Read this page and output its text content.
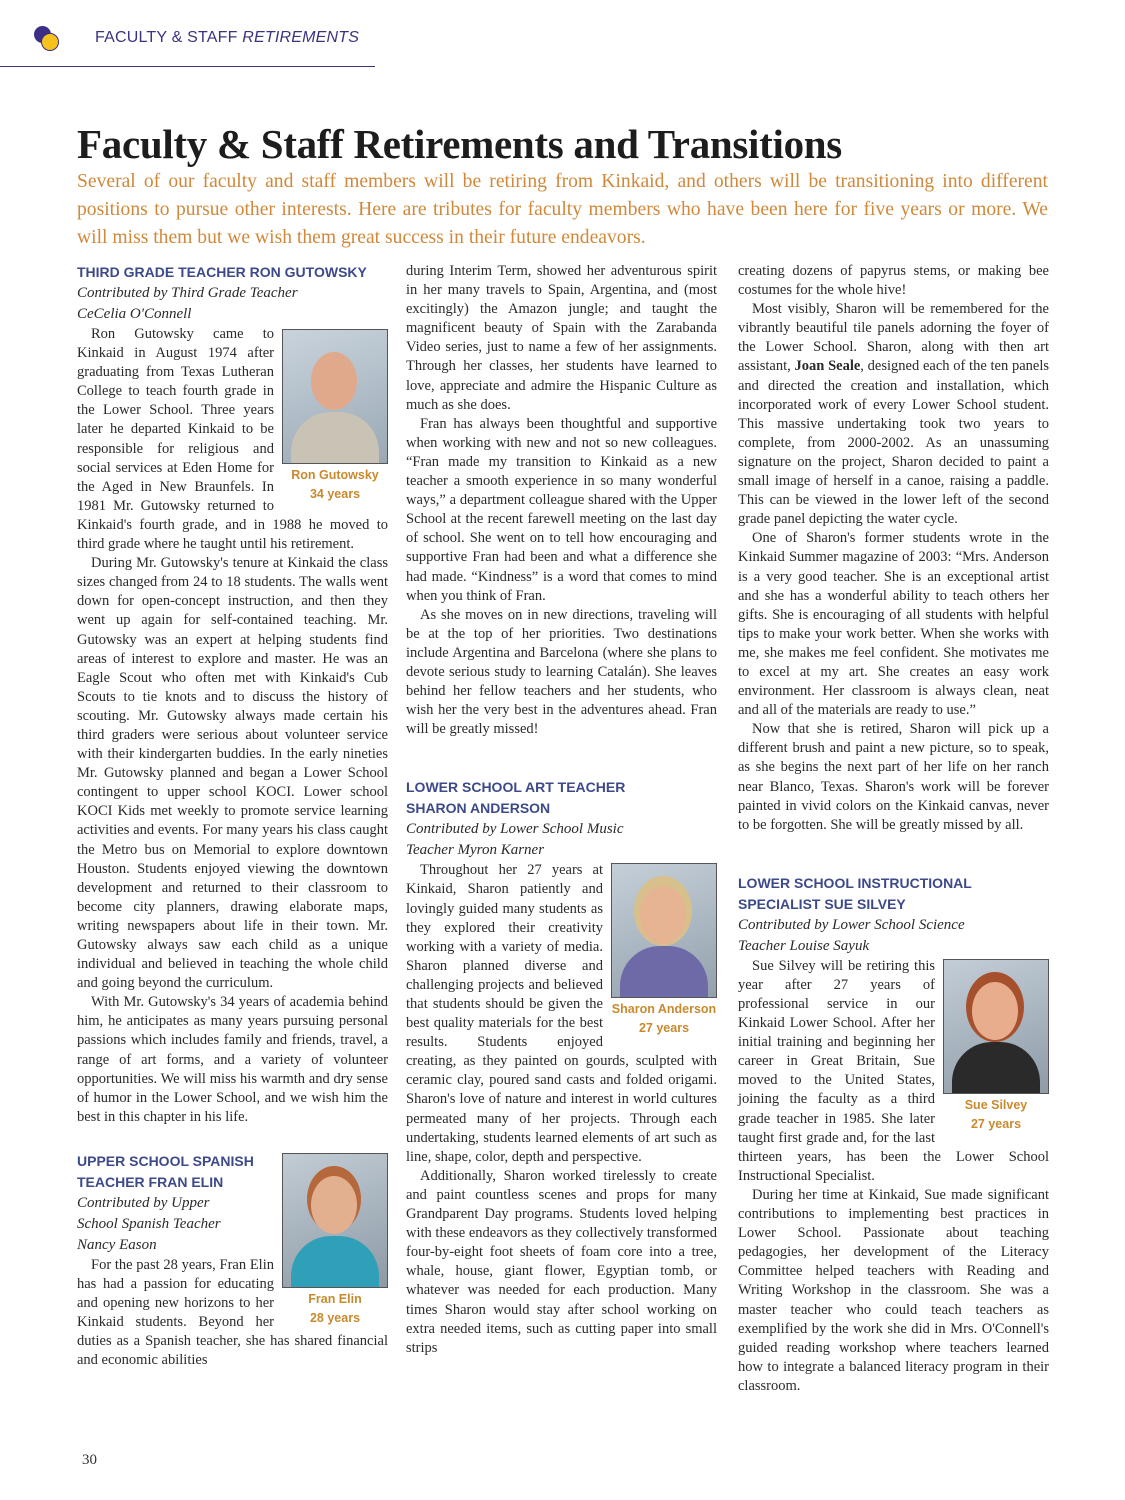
FACULTY & STAFF RETIREMENTS
Faculty & Staff Retirements and Transitions
Several of our faculty and staff members will be retiring from Kinkaid, and others will be transitioning into different positions to pursue other interests. Here are tributes for faculty members who have been here for five years or more. We will miss them but we wish them great success in their future endeavors.
THIRD GRADE TEACHER RON GUTOWSKY
Contributed by Third Grade Teacher
CeCelia O'Connell
Ron Gutowsky
34 years

Ron Gutowsky came to Kinkaid in August 1974 after graduating from Texas Lutheran College to teach fourth grade in the Lower School. Three years later he departed Kinkaid to be responsible for religious and social services at Eden Home for the Aged in New Braunfels. In 1981 Mr. Gutowsky returned to Kinkaid's fourth grade, and in 1988 he moved to third grade where he taught until his retirement.

During Mr. Gutowsky's tenure at Kinkaid the class sizes changed from 24 to 18 students. The walls went down for open-concept instruction, and then they went up again for self-contained teaching. Mr. Gutowsky was an expert at helping students find areas of interest to explore and master. He was an Eagle Scout who often met with Kinkaid's Cub Scouts to tie knots and to discuss the history of scouting. Mr. Gutowsky always made certain his third graders were serious about volunteer service with their kindergarten buddies. In the early nineties Mr. Gutowsky planned and began a Lower School contingent to upper school KOCI. Lower school KOCI Kids met weekly to promote service learning activities and events. For many years his class caught the Metro bus on Memorial to explore downtown Houston. Students enjoyed viewing the downtown development and returned to their classroom to become city planners, drawing elaborate maps, writing newspapers about life in their town. Mr. Gutowsky always saw each child as a unique individual and believed in teaching the whole child and going beyond the curriculum.

With Mr. Gutowsky's 34 years of academia behind him, he anticipates as many years pursuing personal passions which includes family and friends, travel, a range of art forms, and a variety of volunteer opportunities. We will miss his warmth and dry sense of humor in the Lower School, and we wish him the best in this chapter in his life.

Fran Elin
28 years
UPPER SCHOOL SPANISH
TEACHER FRAN ELIN
Contributed by Upper
School Spanish Teacher
Nancy Eason

For the past 28 years, Fran Elin has had a passion for educating and opening new horizons to her Kinkaid students. Beyond her duties as a Spanish teacher, she has shared financial and economic abilities

during Interim Term, showed her adventurous spirit in her many travels to Spain, Argentina, and (most excitingly) the Amazon jungle; and taught the magnificent beauty of Spain with the Zarabanda Video series, just to name a few of her assignments. Through her classes, her students have learned to love, appreciate and admire the Hispanic Culture as much as she does.

Fran has always been thoughtful and supportive when working with new and not so new colleagues. “Fran made my transition to Kinkaid as a new teacher a smooth experience in so many wonderful ways,” a department colleague shared with the Upper School at the recent farewell meeting on the last day of school. She went on to tell how encouraging and supportive Fran had been and what a difference she had made. “Kindness” is a word that comes to mind when you think of Fran.

As she moves on in new directions, traveling will be at the top of her priorities. Two destinations include Argentina and Barcelona (where she plans to devote serious study to learning Catalán). She leaves behind her fellow teachers and her students, who wish her the very best in the adventures ahead. Fran will be greatly missed!

LOWER SCHOOL ART TEACHER
SHARON ANDERSON
Contributed by Lower School Music
Teacher Myron Karner
Sharon Anderson
27 years

Throughout her 27 years at Kinkaid, Sharon patiently and lovingly guided many students as they explored their creativity working with a variety of media. Sharon planned diverse and challenging projects and believed that students should be given the best quality materials for the best results. Students enjoyed creating, as they painted on gourds, sculpted with ceramic clay, poured sand casts and folded origami. Sharon's love of nature and interest in world cultures permeated many of her projects. Through each undertaking, students learned elements of art such as line, shape, color, depth and perspective.

Additionally, Sharon worked tirelessly to create and paint countless scenes and props for many Grandparent Day programs. Students loved helping with these endeavors as they collectively transformed four-by-eight foot sheets of foam core into a tree, whale, house, giant flower, Egyptian tomb, or whatever was needed for each production. Many times Sharon would stay after school working on extra needed items, such as cutting paper into small strips

creating dozens of papyrus stems, or making bee costumes for the whole hive!

Most visibly, Sharon will be remembered for the vibrantly beautiful tile panels adorning the foyer of the Lower School. Sharon, along with then art assistant, Joan Seale, designed each of the ten panels and directed the creation and installation, which incorporated work of every Lower School student. This massive undertaking took two years to complete, from 2000-2002. As an unassuming signature on the project, Sharon decided to paint a small image of herself in a canoe, raising a paddle. This can be viewed in the lower left of the second grade panel depicting the water cycle.

One of Sharon's former students wrote in the Kinkaid Summer magazine of 2003: “Mrs. Anderson is a very good teacher. She is an exceptional artist and she has a wonderful ability to teach others her gifts. She is encouraging of all students with helpful tips to make your work better. When she works with me, she makes me feel confident. She motivates me to excel at my art. She creates an easy work environment. Her classroom is always clean, neat and all of the materials are ready to use.”

Now that she is retired, Sharon will pick up a different brush and paint a new picture, so to speak, as she begins the next part of her life on her ranch near Blanco, Texas. Sharon's work will be forever painted in vivid colors on the Kinkaid canvas, never to be forgotten. She will be greatly missed by all.

LOWER SCHOOL INSTRUCTIONAL
SPECIALIST SUE SILVEY
Contributed by Lower School Science
Teacher Louise Sayuk
Sue Silvey
27 years

Sue Silvey will be retiring this year after 27 years of professional service in our Kinkaid Lower School. After her initial training and beginning her career in Great Britain, Sue moved to the United States, joining the faculty as a third grade teacher in 1985. She later taught first grade and, for the last thirteen years, has been the Lower School Instructional Specialist.

During her time at Kinkaid, Sue made significant contributions to implementing best practices in Lower School. Passionate about teaching pedagogies, her development of the Literacy Committee helped teachers with Reading and Writing Workshop in the classroom. She was a master teacher who could teach teachers as exemplified by the work she did in Mrs. O'Connell's guided reading workshop where teachers learned how to integrate a balanced literacy program in their classroom.

30
